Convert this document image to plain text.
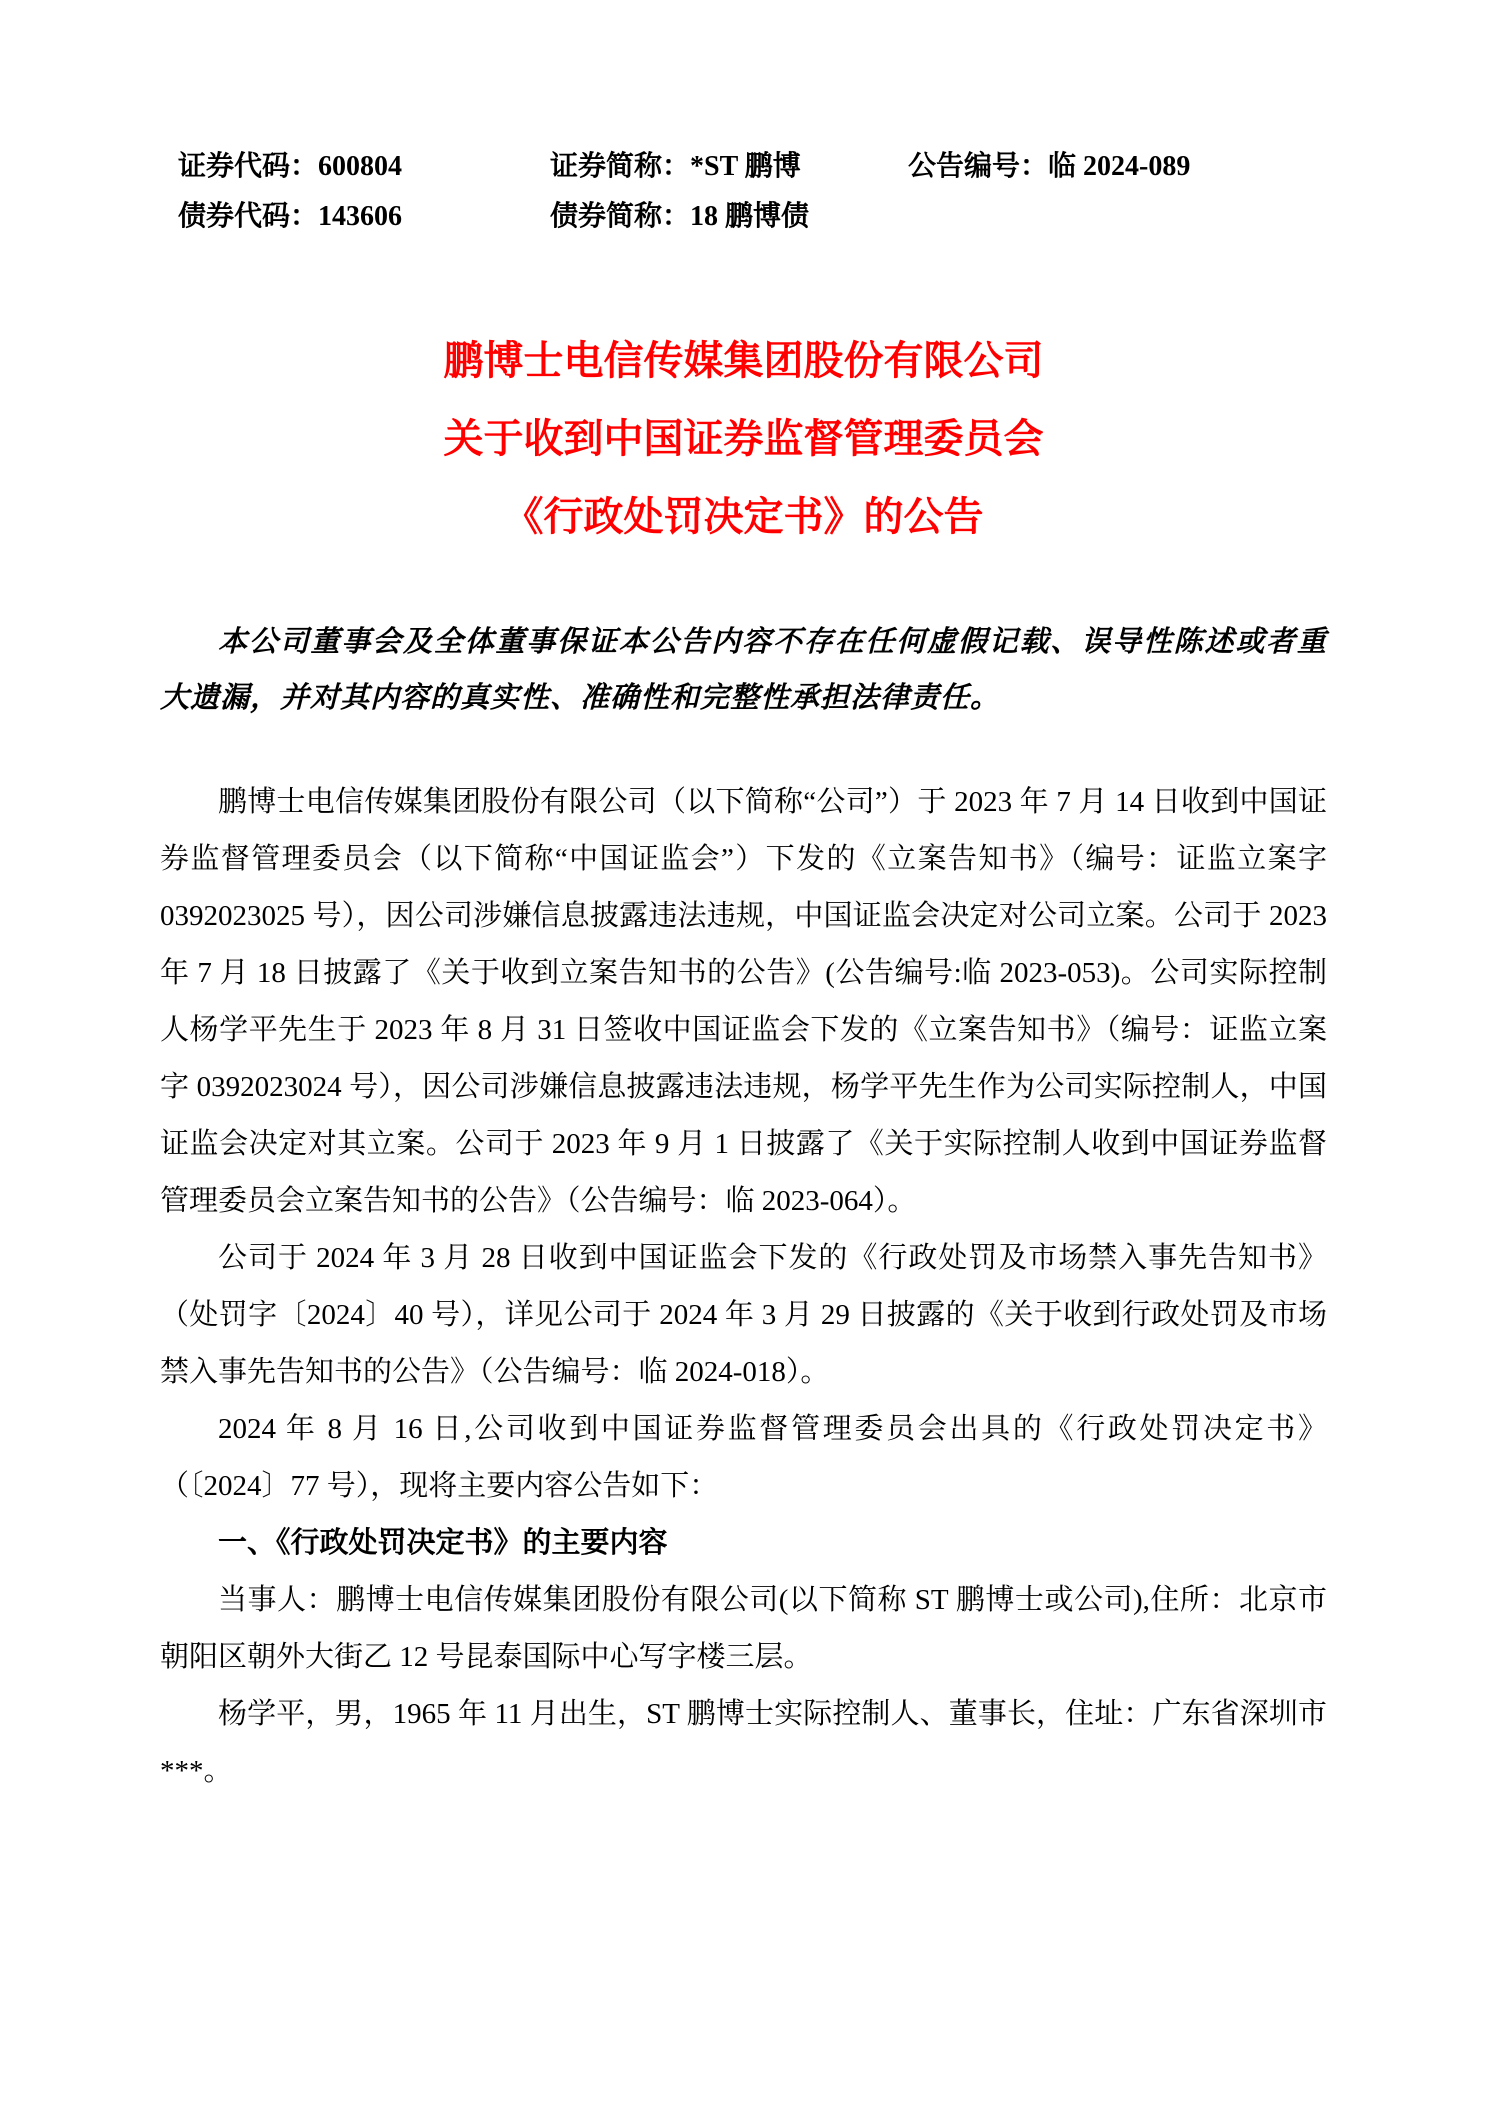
证券代码：600804	证券简称：*ST 鹏博	公告编号：临 2024-089
债券代码：143606	债券简称：18 鹏博债
鹏博士电信传媒集团股份有限公司
关于收到中国证券监督管理委员会
《行政处罚决定书》的公告

本公司董事会及全体董事保证本公告内容不存在任何虚假记载、误导性陈述或者重大遗漏，并对其内容的真实性、准确性和完整性承担法律责任。

鹏博士电信传媒集团股份有限公司（以下简称“公司”）于 2023 年 7 月 14 日收到中国证券监督管理委员会（以下简称“中国证监会”）下发的《立案告知书》（编号：证监立案字 0392023025 号），因公司涉嫌信息披露违法违规，中国证监会决定对公司立案。公司于 2023 年 7 月 18 日披露了《关于收到立案告知书的公告》(公告编号:临 2023-053)。公司实际控制人杨学平先生于 2023 年 8 月 31 日签收中国证监会下发的《立案告知书》（编号：证监立案字 0392023024 号），因公司涉嫌信息披露违法违规，杨学平先生作为公司实际控制人，中国证监会决定对其立案。公司于 2023 年 9 月 1 日披露了《关于实际控制人收到中国证券监督管理委员会立案告知书的公告》（公告编号：临 2023-064）。

公司于 2024 年 3 月 28 日收到中国证监会下发的《行政处罚及市场禁入事先告知书》（处罚字〔2024〕40 号），详见公司于 2024 年 3 月 29 日披露的《关于收到行政处罚及市场禁入事先告知书的公告》（公告编号：临 2024-018）。

2024 年 8 月 16 日,公司收到中国证券监督管理委员会出具的《行政处罚决定书》（〔2024〕77 号），现将主要内容公告如下：

一、《行政处罚决定书》的主要内容

当事人：鹏博士电信传媒集团股份有限公司(以下简称 ST 鹏博士或公司),住所：北京市朝阳区朝外大街乙 12 号昆泰国际中心写字楼三层。

杨学平，男，1965 年 11 月出生，ST 鹏博士实际控制人、董事长，住址：广东省深圳市***。
